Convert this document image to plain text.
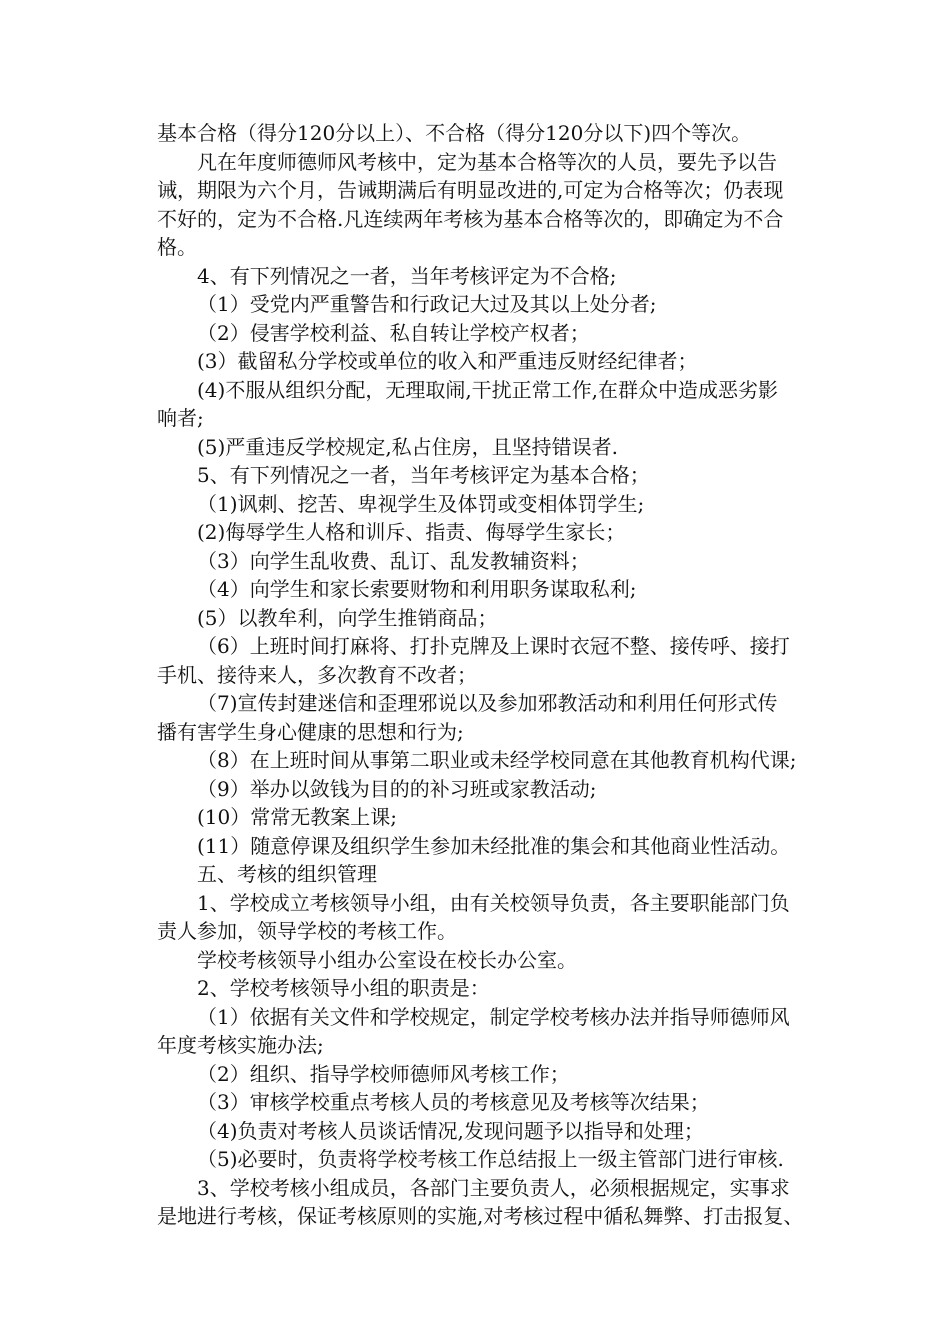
基本合格（得分120分以上）、不合格（得分120分以下)四个等次。
凡在年度师德师风考核中，定为基本合格等次的人员，要先予以告
诫，期限为六个月，告诫期满后有明显改进的,可定为合格等次；仍表现
不好的，定为不合格.凡连续两年考核为基本合格等次的，即确定为不合
格。
4、有下列情况之一者，当年考核评定为不合格;
（1）受党内严重警告和行政记大过及其以上处分者;
（2）侵害学校利益、私自转让学校产权者；
(3）截留私分学校或单位的收入和严重违反财经纪律者；
(4)不服从组织分配，无理取闹,干扰正常工作,在群众中造成恶劣影
响者;
(5)严重违反学校规定,私占住房，且坚持错误者.
5、有下列情况之一者，当年考核评定为基本合格；
（1)讽刺、挖苦、卑视学生及体罚或变相体罚学生;
(2)侮辱学生人格和训斥、指责、侮辱学生家长；
（3）向学生乱收费、乱订、乱发教辅资料；
（4）向学生和家长索要财物和利用职务谋取私利;
(5）以教牟利，向学生推销商品；
（6）上班时间打麻将、打扑克牌及上课时衣冠不整、接传呼、接打
手机、接待来人，多次教育不改者；
（7)宣传封建迷信和歪理邪说以及参加邪教活动和利用任何形式传
播有害学生身心健康的思想和行为;
（8）在上班时间从事第二职业或未经学校同意在其他教育机构代课;
（9）举办以敛钱为目的的补习班或家教活动;
(10）常常无教案上课;
(11）随意停课及组织学生参加未经批准的集会和其他商业性活动。
五、考核的组织管理
1、学校成立考核领导小组，由有关校领导负责，各主要职能部门负
责人参加，领导学校的考核工作。
学校考核领导小组办公室设在校长办公室。
2、学校考核领导小组的职责是：
（1）依据有关文件和学校规定，制定学校考核办法并指导师德师风
年度考核实施办法;
（2）组织、指导学校师德师风考核工作；
（3）审核学校重点考核人员的考核意见及考核等次结果；
（4)负责对考核人员谈话情况,发现问题予以指导和处理；
（5)必要时，负责将学校考核工作总结报上一级主管部门进行审核.
3、学校考核小组成员，各部门主要负责人，必须根据规定，实事求
是地进行考核，保证考核原则的实施,对考核过程中循私舞弊、打击报复、
